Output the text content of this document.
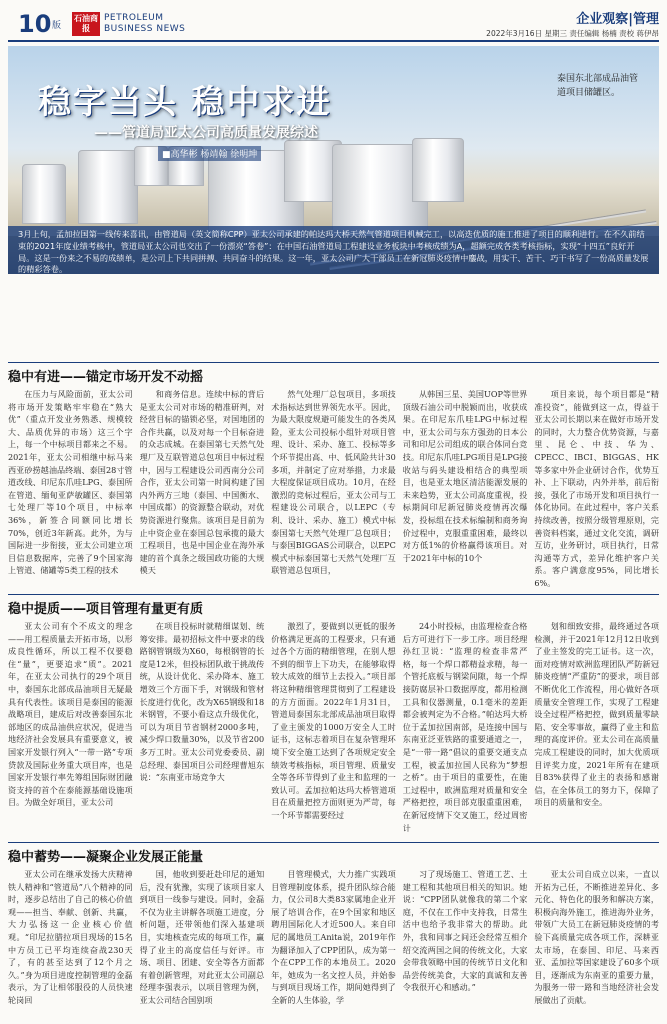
10 版
石油商报
PETROLEUM
BUSINESS NEWS
企业观察|管理
2022年3月16日 星期三 责任编辑 杨楠 责校 蒋伊昂
稳字当头 稳中求进
——管道局亚太公司高质量发展综述
■高华彬 杨靖翰 徐明坤
泰国东北部成品油管道项目储罐区。
3月上旬，孟加拉国第一线传来喜讯，由管道局（英文简称CPP）亚太公司承建的帕达玛大桥天然气管道项目机械完工，以高迭优质的施工推进了项目的顺利进行。在不久前结束的2021年度业绩考核中，管道局亚太公司也交出了一份漂亮“答卷”：在中国石油管道局工程建设业务板块中考核成绩为A，超额完成各类考核指标，实现“十四五”良好开局。这是一份来之不易的成绩单，是公司上下共同拼搏、共同奋斗的结果。这一年，亚太公司广大干部员工在新冠肺炎疫情中鏖战，用实干、苦干、巧干书写了一份高质量发展的精彩答卷。
稳中有进——锚定市场开发不动摇

在压力与风险面前，亚太公司将市场开发策略牢牢稳在“熟大优”（重点开发业务熟悉、规模较大、品质优异的市场）这三个字上，每一个中标项目都来之不易。2021年，亚太公司相继中标马来西亚砂捞越油品终端、泰国28寸管道改线、印尼东爪哇LPG、泰国所在管道、缅甸亚萨敏罐区、泰国第七处理厂等10个项目，中标率36%，新签合同额同比增长70%，创近3年新高。此外，为与国际进一步衔接，亚太公司建立项目信息数据库，完善了9个国家海上管道、储罐等5类工程的技术

和商务信息。连续中标的背后是亚太公司对市场的精准研判，对经营目标的锚锁必坚，对国地团的合作共赢，以及对每一个目标奋进的众志成城。在泰国第七天然气处理厂及互联管道总包项目中标过程中，因与工程建设公司西南分公司合作，亚太公司第一时间构建了国内外两方三地（泰国、中国衡水、中国成都）的资源整合联动，对优势资源进行聚焦。该项目是目前为止中资企业在泰国总包承揽的最大工程项目，也是中国企业在海外承建的首个真条之级国政功能的大规模天

然气处理厂总包项目，多项技术指标达到世界领先水平。因此，为最大限度规避可能发生的各类风险，亚太公司投标小组针对项目管理、设计、采办、施工、投标等多个环节提出高、中、低风险共计30多项，并制定了应对举措，力求最大程度保证项目成功。10月，在经激烈的竞标过程后，亚太公司与工程建设公司联合，以LEPC（专利、设计、采办、施工）模式中标泰国第七天然气处理厂总包项目；与泰国BIGGAS公司联合，以EPC模式中标泰国第七天然气处理厂互联管道总包项目，

从韩国三星、美国UOP等世界顶级石油公司中脱颖而出，收获成果。在印尼东爪哇LPG中标过程中，亚太公司与东方强劲的日本公司和印尼公司组成的联合体同台竞技。印尼东爪哇LPG项目是LPG接收站与码头建设相结合的典型项目，也是亚太地区清洁能源发展的未来趋势，亚太公司高度重视，投标期间印尼新冠肺炎疫情再次爆发，投标组在技术标编制和商务询价过程中，克服重重困难，最终以对方低1%的价格赢得该项目。对于2021年中标的10个

项目来说，每个项目都是“精准投资”，能做到这一点，得益于亚太公司长期以来在做好市场开发的同时，大力整合优势资源，与嘉里、昆仑、中技、华为、CPECC、IBCI、BIGGAS、HK等多家中外企业研讨合作，优势互补、上下联动，内外并举，前后衔接，强化了市场开发和项目执行一体化协同。在此过程中，客户关系持续改善，按照分级管理原则，完善资料档案，通过文化交流，调研互访，业务研讨，项目执行，日常沟通等方式，差异化维护客户关系。客户满意度95%，同比增长6%。

稳中提质——项目管理有量更有质

亚太公司有个不成文的理念——用工程质量去开拓市场，以形成良性循环，所以工程不仅要稳住“量”，更要追求“质”。2021年，在亚太公司执行的29个项目中，泰国东北部成品油项目无疑最具有代表性。该项目是泰国的能源战略项目，建成后对改善泰国东北部地区的成品油供应状况，促进当地经济社会发展具有重要意义，被国家开发银行列入“一带一路”专项贷款及国际业务重大项目库，也是国家开发银行率先筹组国际财团融资支持的首个在泰能源基础设施项目。为做全好项目，亚太公司

在项目投标时就精细谋划、统筹安排。最初招标文件中要求的线路钢管钢级为X60，每根钢管的长度是12米，但投标团队敢于挑战传统，从设计优化、采办降本、施工增效三个方面下手，对钢级和管材长度进行优化，改为X65钢级和18米钢管，不要小看这点升级优化，可以为项目节省钢材2000多吨，减少焊口数量30%，以及节省200多万工时。亚太公司党委委员、副总经理、泰国项目公司经理曹旭东说：“东南亚市场竞争大

激烈了，要做到以更低的服务价格满足更高的工程要求，只有通过各个方面的精细管理，在别人想不到的细节上下功夫，在能够取得较大成效的细节上去投入。”项目部将这种精细管理贯彻到了工程建设的方方面面。2022年1月31日，管道局泰国东北部成品油项目取得了业主颁发的1000万安全人工时证书，这标志着项目在复杂管理环境下安全施工达到了各项规定安全绩效考核指标，项目管理、质量安全等各环节得到了业主和监理的一致认可。孟加拉帕达玛大桥管道项目在质量把控方面则更为严苛，每一个环节都需要经过

24小时投标，由监理检查合格后方可进行下一步工序。项目经理孙红卫说：“监理的检查非常严格，每一个焊口都精益求精，每一个管托底板与钢梁间隙，每一个焊接防腐层补口数据厚度，都用检测工具和仪器测量，0.1毫米的差距都会被判定为不合格。”帕达玛大桥位于孟加拉国南部，是连接中国与东南亚泛亚铁路的重要通道之一，是“一带一路”倡议的重要交通支点工程，被孟加拉国人民称为“梦想之桥”。由于项目的重要性，在施工过程中，欧洲监理对质量和安全严格把控，项目部克服重重困难，在新冠疫情下交叉施工，经过周密计

划和细致安排，最终通过各项检测，并于2021年12月12日收到了业主签发的完工证书。这一次，面对疫情对欧洲监理团队严防新冠肺炎疫情“严重防”的要求，项目部不断优化工作流程，用心做好各项质量安全管理工作，实现了工程建设全过程严格把控，做到质量零缺陷、安全零事故，赢得了业主和监理的高度评价。亚太公司在高质量完成工程建设的同时，加大优质项目评奖力度，2021年所有在建项目83%获得了业主的表扬和感谢信，在全体员工的努力下，保障了项目的质量和安全。

稳中蓄势——凝聚企业发展正能量

亚太公司在继承发扬大庆精神铁人精神和“管道局”八个精神的同时，逐步总结出了自己的核心价值观——担当、奉献、创新、共赢，大力弘扬这一企业核心价值观。“印尼拉腊拉项目现场的15名中方员工已平均连续奋战230天了，有的甚至达到了12个月之久。”身为项目进度控制管理的金磊表示，为了让相邻服役的人员快速轮岗回

国，他收到要赶赴印尼的通知后，没有犹豫，实现了该项目家人到项目一线参与建设。同时，金磊不仅为业主讲解各项施工进度，分析问题，还带领他们深入基建项目，实地核查完成的每项工作，赢得了业主的高度信任与好评。市场、项目、团建、安全等各方面都有着创新管理，对此亚太公司副总经理李强表示，以项目管理为例，亚太公司结合国别项

目管理模式，大力推广实践项目管理制度体系，提升团队综合能力，仅公司8大类83家属地企业开展了培训合作，在9个国家和地区聘用国际化人才近500人。来自印尼的属地员工Anita说，2019年作为翻译加入了CPP团队，成为第一个在CPP工作的本地员工。2020年，她成为一名文控人员，并始参与到项目现场工作，期间她得到了全新的人生体验，学

习了现场施工、管道工艺、土建工程和其他项目相关的知识。她说：“CPP团队就像我的第二个家庭，不仅在工作中支持我，日常生活中也给予我非常大的帮助。此外，我和同事之间还会经常互相介绍交流两国之间的传统文化，大家会带我领略中国的传统节日文化和品尝传统美食，大家的真诚和友善令我很开心和感动。”

亚太公司自成立以来，一直以开拓为己任，不断推进差异化、多元化、特色化的服务和解决方案，积极向海外施工，推进海外业务，带领广大员工在新冠肺炎疫情的考验下高质量完成各项工作，深耕亚太市场，在泰国、印尼、马来西亚、孟加拉等国家建设了60多个项目，逐渐成为东南亚的重要力量，为服务一带一路和当地经济社会发展做出了贡献。
